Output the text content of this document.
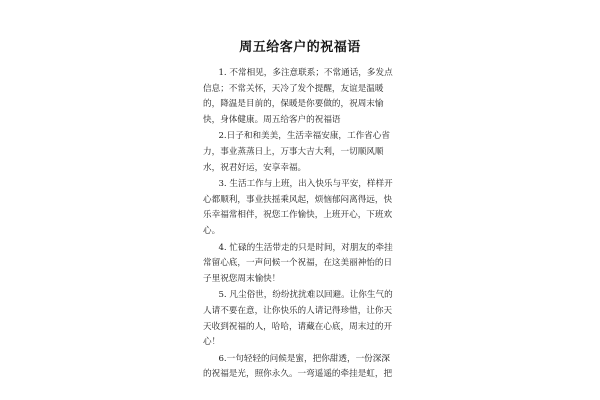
周五给客户的祝福语

1. 不常相见，多注意联系；不常通话，多发点信息；不常关怀，天冷了发个提醒，友谊是温暖的，降温是目前的，保暖是你要做的，祝周末愉快，身体健康。周五给客户的祝福语

2.日子和和美美，生活幸福安康，工作省心省力，事业蒸蒸日上，万事大吉大利，一切顺风顺水，祝君好运，安享幸福。

3. 生活工作与上班，出入快乐与平安，样样开心都顺利，事业扶摇乘风起，烦恼郁闷离得远，快乐幸福常相伴，祝您工作愉快，上班开心，下班欢心。

4. 忙碌的生活带走的只是时间，对朋友的牵挂常留心底，一声问候一个祝福，在这美丽神怡的日子里祝您周末愉快！

5. 凡尘俗世，纷纷扰扰难以回避。让你生气的人请不要在意，让你快乐的人请记得珍惜，让你天天收到祝福的人，哈哈，请藏在心底，周末过的开心！

6.一句轻轻的问候是蜜，把你甜透，一份深深的祝福是光，照你永久。一弯遥遥的牵挂是虹，把
